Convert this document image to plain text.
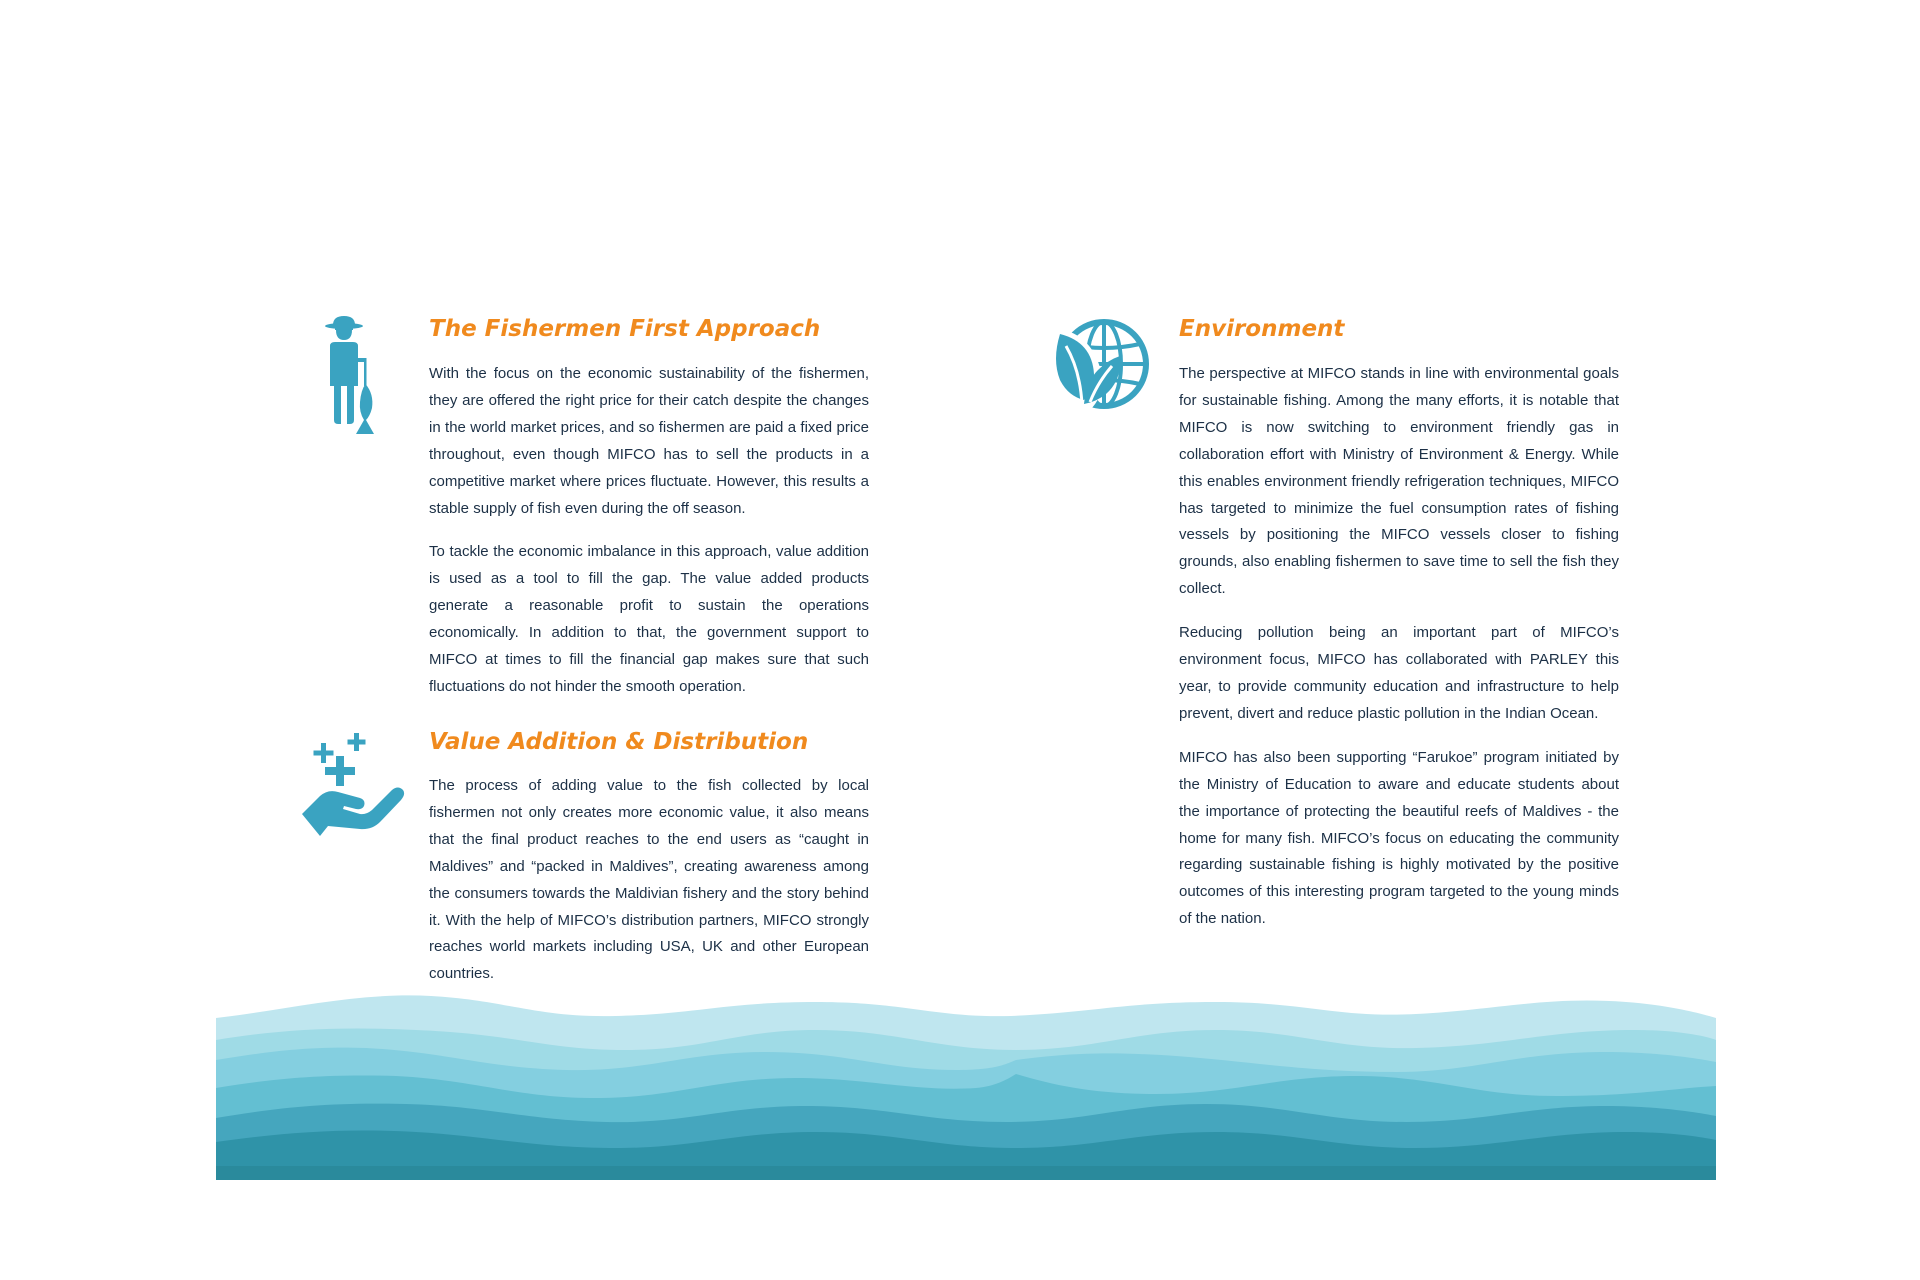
The Fishermen First Approach

With the focus on the economic sustainability of the fishermen, they are offered the right price for their catch despite the changes in the world market prices, and so fishermen are paid a fixed price throughout, even though MIFCO has to sell the products in a competitive market where prices fluctuate. However, this results a stable supply of fish even during the off season.

To tackle the economic imbalance in this approach, value addition is used as a tool to fill the gap. The value added products generate a reasonable profit to sustain the operations economically. In addition to that, the government support to MIFCO at times to fill the financial gap makes sure that such fluctuations do not hinder the smooth operation.

Value Addition & Distribution

The process of adding value to the fish collected by local fishermen not only creates more economic value, it also means that the final product reaches to the end users as “caught in Maldives” and “packed in Maldives”, creating awareness among the consumers towards the Maldivian fishery and the story behind it. With the help of MIFCO’s distribution partners, MIFCO strongly reaches world markets including USA, UK and other European countries.

Environment

The perspective at MIFCO stands in line with environmental goals for sustainable fishing. Among the many efforts, it is notable that MIFCO is now switching to environment friendly gas in collaboration effort with Ministry of Environment & Energy. While this enables environment friendly refrigeration techniques, MIFCO has targeted to minimize the fuel consumption rates of fishing vessels by positioning the MIFCO vessels closer to fishing grounds, also enabling fishermen to save time to sell the fish they collect.

Reducing pollution being an important part of MIFCO’s environment focus, MIFCO has collaborated with PARLEY this year, to provide community education and infrastructure to help prevent, divert and reduce plastic pollution in the Indian Ocean.

MIFCO has also been supporting “Farukoe” program initiated by the Ministry of Education to aware and educate students about the importance of protecting the beautiful reefs of Maldives - the home for many fish. MIFCO’s focus on educating the community regarding sustainable fishing is highly motivated by the positive outcomes of this interesting program targeted to the young minds of the nation.
